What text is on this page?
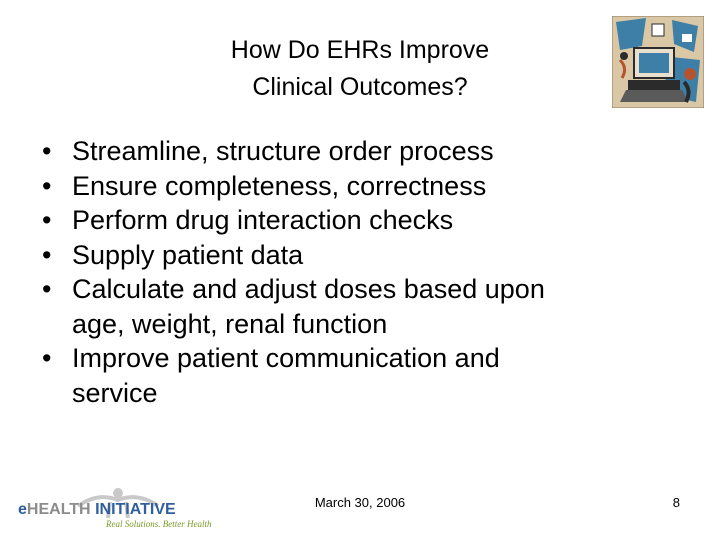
How Do EHRs Improve
Clinical Outcomes?
• Streamline, structure order process
• Ensure completeness, correctness
• Perform drug interaction checks
• Supply patient data
• Calculate and adjust doses based upon
age, weight, renal function
• Improve patient communication and
service
eHEALTH INITIATIVE
Real Solutions. Better Health
March 30, 2006	8
